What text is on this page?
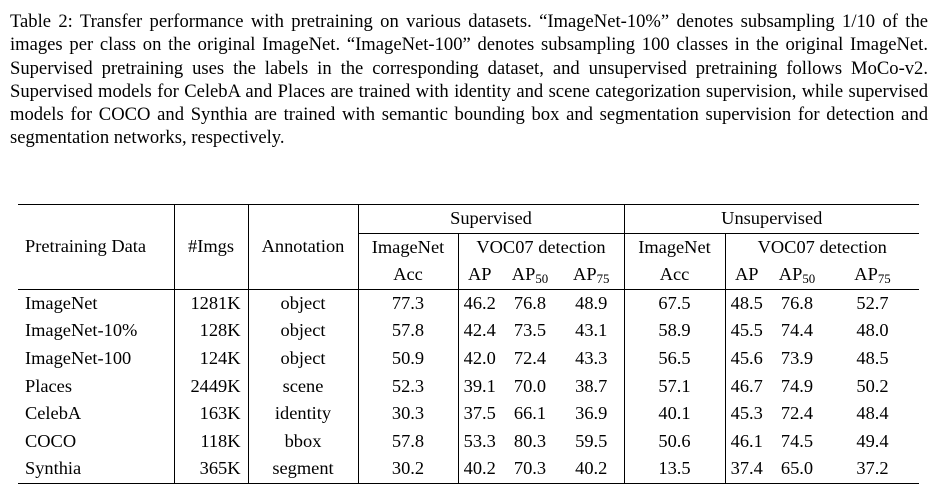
Table 2: Transfer performance with pretraining on various datasets. “ImageNet-10%” denotes subsampling 1/10 of the images per class on the original ImageNet. “ImageNet-100” denotes subsampling 100 classes in the original ImageNet. Supervised pretraining uses the labels in the corresponding dataset, and unsupervised pretraining follows MoCo-v2. Supervised models for CelebA and Places are trained with identity and scene categorization supervision, while supervised models for COCO and Synthia are trained with semantic bounding box and segmentation supervision for detection and segmentation networks, respectively.

Pretraining Data	#Imgs	Annotation	Supervised				Unsupervised			
			ImageNet	VOC07 detection			ImageNet	VOC07 detection		
			Acc	AP	$AP_{50}$	$AP_{75}$	Acc	AP	$AP_{50}$	$AP_{75}$
ImageNet	1281K	object	77.3	46.2	76.8	48.9	67.5	48.5	76.8	52.7
ImageNet-10%	128K	object	57.8	42.4	73.5	43.1	58.9	45.5	74.4	48.0
ImageNet-100	124K	object	50.9	42.0	72.4	43.3	56.5	45.6	73.9	48.5
Places	2449K	scene	52.3	39.1	70.0	38.7	57.1	46.7	74.9	50.2
CelebA	163K	identity	30.3	37.5	66.1	36.9	40.1	45.3	72.4	48.4
COCO	118K	bbox	57.8	53.3	80.3	59.5	50.6	46.1	74.5	49.4
Synthia	365K	segment	30.2	40.2	70.3	40.2	13.5	37.4	65.0	37.2
